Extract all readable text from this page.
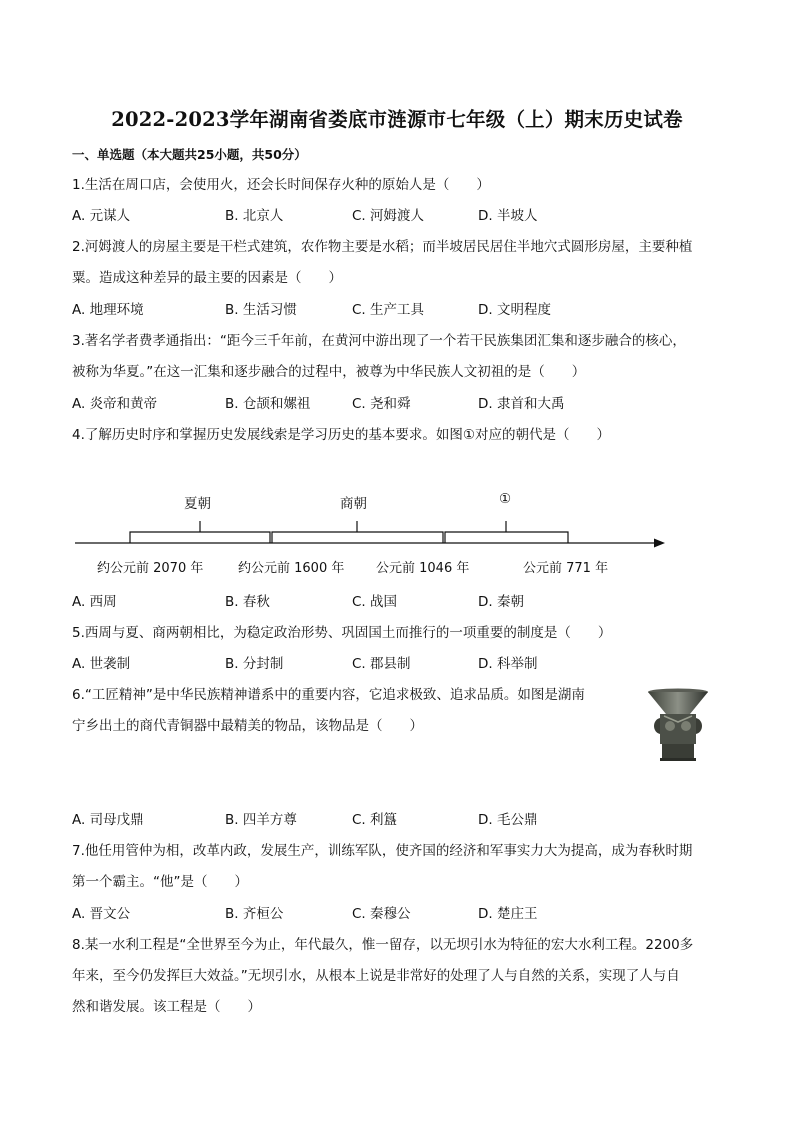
2022-2023学年湖南省娄底市涟源市七年级（上）期末历史试卷
一、单选题（本大题共25小题，共50分）
1.生活在周口店，会使用火，还会长时间保存火种的原始人是（　　）
A. 元谋人	B. 北京人	C. 河姆渡人	D. 半坡人
2.河姆渡人的房屋主要是干栏式建筑，农作物主要是水稻；而半坡居民居住半地穴式圆形房屋，主要种植
粟。造成这种差异的最主要的因素是（　　）
A. 地理环境	B. 生活习惯	C. 生产工具	D. 文明程度
3.著名学者费孝通指出：“距今三千年前，在黄河中游出现了一个若干民族集团汇集和逐步融合的核心，
被称为华夏。”在这一汇集和逐步融合的过程中，被尊为中华民族人文初祖的是（　　）
A. 炎帝和黄帝	B. 仓颉和嫘祖	C. 尧和舜	D. 隶首和大禹
4.了解历史时序和掌握历史发展线索是学习历史的基本要求。如图①对应的朝代是（　　）
夏朝	商朝	①
约公元前 2070 年	约公元前 1600 年 公元前 1046 年	公元前 771 年
A. 西周	B. 春秋	C. 战国	D. 秦朝
5.西周与夏、商两朝相比，为稳定政治形势、巩固国土而推行的一项重要的制度是（　　）
A. 世袭制	B. 分封制	C. 郡县制	D. 科举制
6.“工匠精神”是中华民族精神谱系中的重要内容，它追求极致、追求品质。如图是湖南
宁乡出土的商代青铜器中最精美的物品，该物品是（　　）
A. 司母戊鼎	B. 四羊方尊	C. 利簋	D. 毛公鼎
7.他任用管仲为相，改革内政，发展生产，训练军队，使齐国的经济和军事实力大为提高，成为春秋时期
第一个霸主。“他”是（　　）
A. 晋文公	B. 齐桓公	C. 秦穆公	D. 楚庄王
8.某一水利工程是“全世界至今为止，年代最久，惟一留存，以无坝引水为特征的宏大水利工程。2200多
年来，至今仍发挥巨大效益。”无坝引水，从根本上说是非常好的处理了人与自然的关系，实现了人与自
然和谐发展。该工程是（　　）
